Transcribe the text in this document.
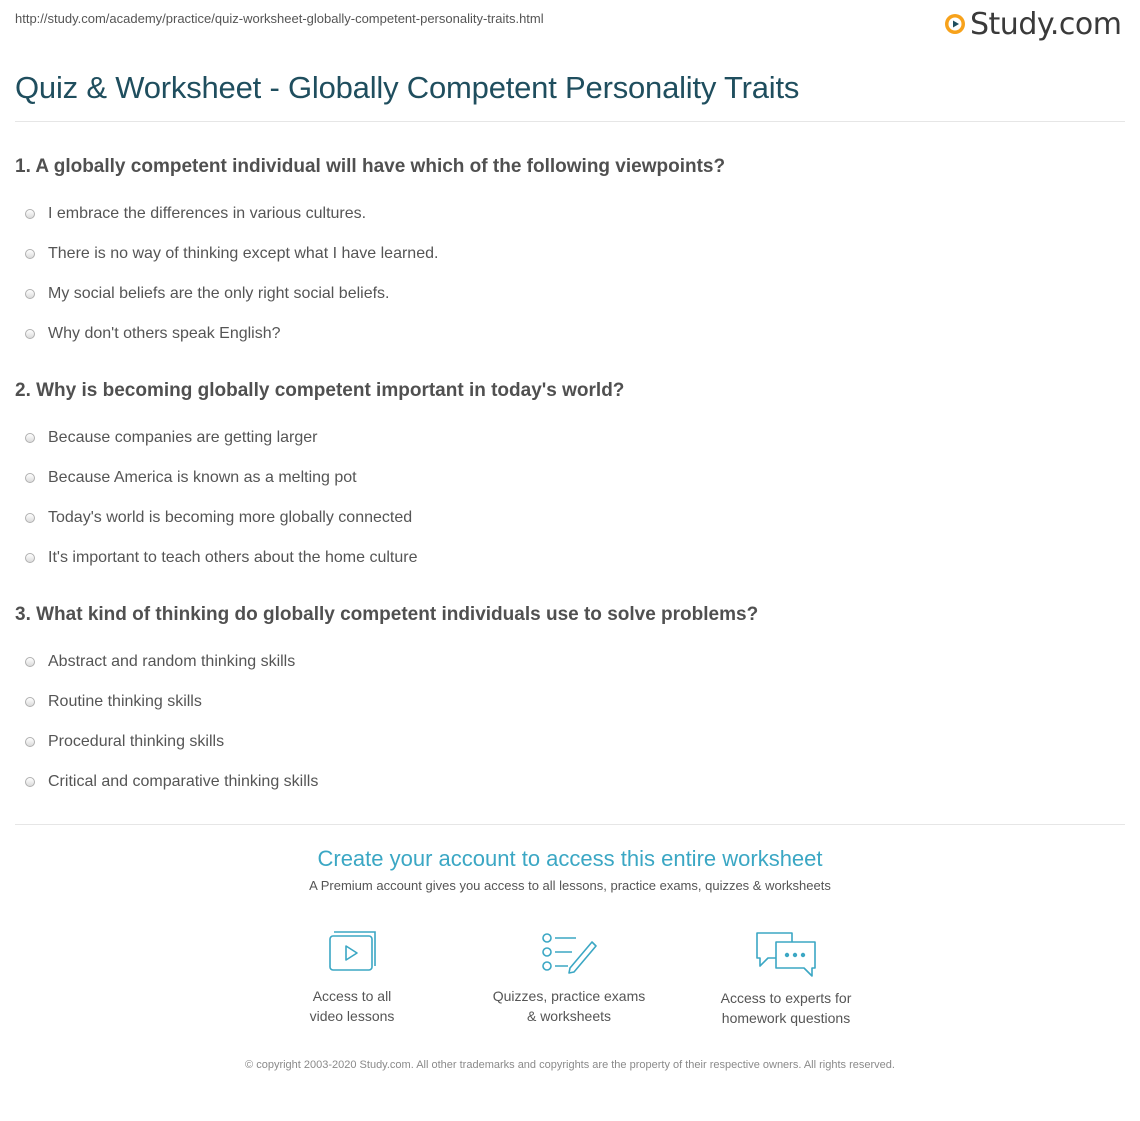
http://study.com/academy/practice/quiz-worksheet-globally-competent-personality-traits.html	Study.com
Quiz & Worksheet - Globally Competent Personality Traits
1. A globally competent individual will have which of the following viewpoints?
I embrace the differences in various cultures.
There is no way of thinking except what I have learned.
My social beliefs are the only right social beliefs.
Why don't others speak English?
2. Why is becoming globally competent important in today's world?
Because companies are getting larger
Because America is known as a melting pot
Today's world is becoming more globally connected
It's important to teach others about the home culture
3. What kind of thinking do globally competent individuals use to solve problems?
Abstract and random thinking skills
Routine thinking skills
Procedural thinking skills
Critical and comparative thinking skills

Create your account to access this entire worksheet

A Premium account gives you access to all lessons, practice exams, quizzes & worksheets
Access to all
video lessons
Quizzes, practice exams
& worksheets
Access to experts for
homework questions
© copyright 2003-2020 Study.com. All other trademarks and copyrights are the property of their respective owners. All rights reserved.
